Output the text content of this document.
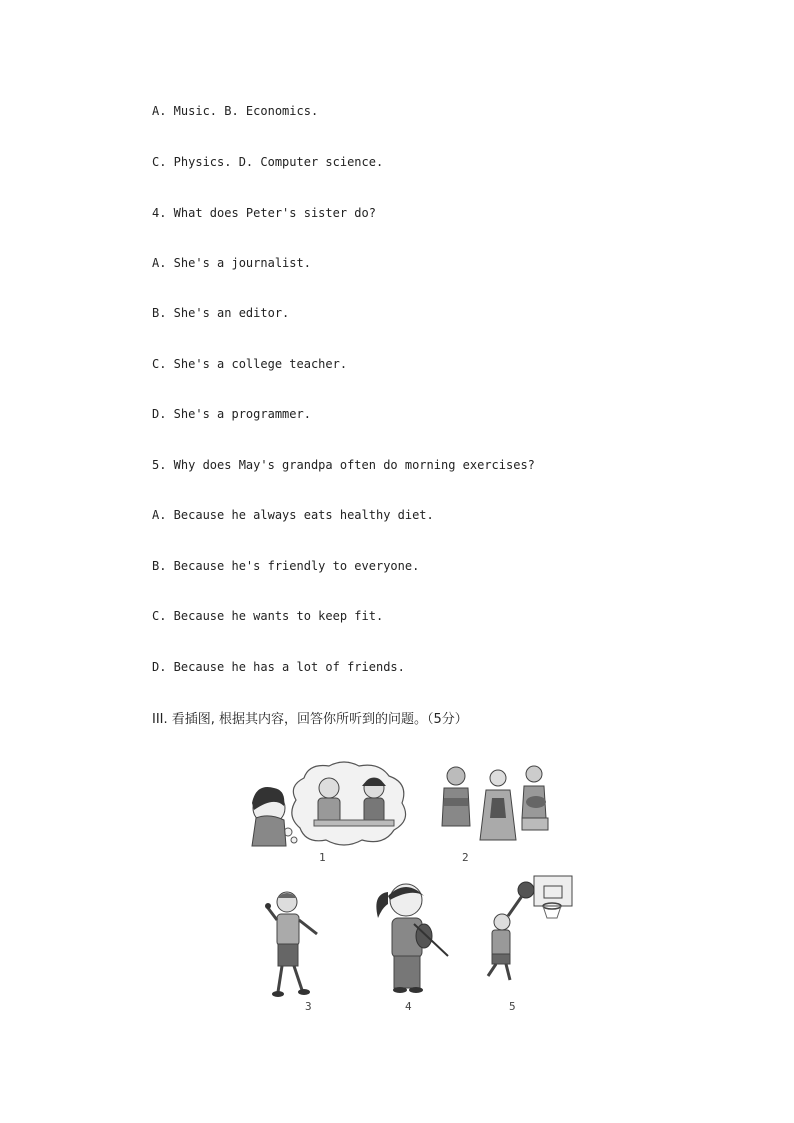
A. Music. B. Economics.
C. Physics. D. Computer science.
4. What does Peter's sister do?
A. She's a journalist.
B. She's an editor.
C. She's a college teacher.
D. She's a programmer.
5. Why does May's grandpa often do morning exercises?
A. Because he always eats healthy diet.
B. Because he's friendly to everyone.
C. Because he wants to keep fit.
D. Because he has a lot of friends.
III. 看插图, 根据其内容，回答你所听到的问题。（5分）
1	2
3	4	5
